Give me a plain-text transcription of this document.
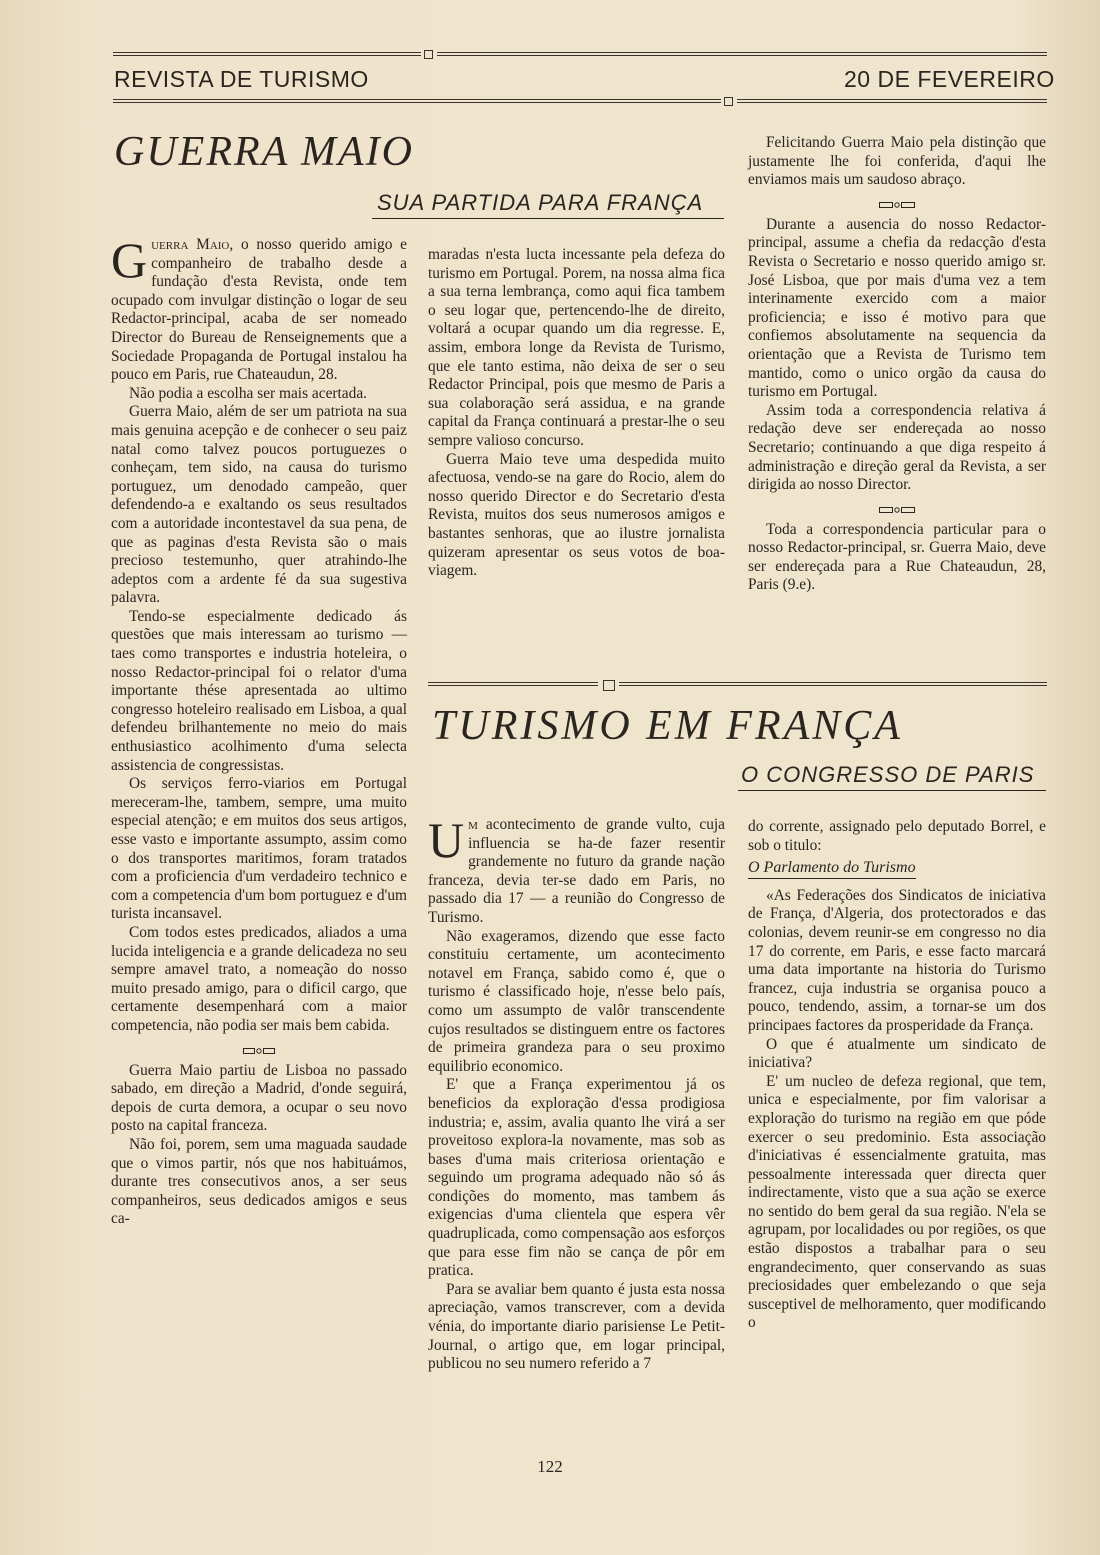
REVISTA DE TURISMO	20 DE FEVEREIRO
GUERRA MAIO
SUA PARTIDA PARA FRANÇA

Guerra Maio, o nosso querido amigo e companheiro de trabalho desde a fundação d'esta Revista, onde tem ocupado com invulgar distinção o logar de seu Redactor-principal, acaba de ser nomeado Director do Bureau de Renseignements que a Sociedade Propaganda de Portugal instalou ha pouco em Paris, rue Chateaudun, 28.

Não podia a escolha ser mais acertada.

Guerra Maio, além de ser um patriota na sua mais genuina acepção e de conhecer o seu paiz natal como talvez poucos portuguezes o conheçam, tem sido, na causa do turismo portuguez, um denodado campeão, quer defendendo-a e exaltando os seus resultados com a autoridade incontestavel da sua pena, de que as paginas d'esta Revista são o mais precioso testemunho, quer atrahindo-lhe adeptos com a ardente fé da sua sugestiva palavra.

Tendo-se especialmente dedicado ás questões que mais interessam ao turismo — taes como transportes e industria hoteleira, o nosso Redactor-principal foi o relator d'uma importante thése apresentada ao ultimo congresso hoteleiro realisado em Lisboa, a qual defendeu brilhantemente no meio do mais enthusiastico acolhimento d'uma selecta assistencia de congressistas.

Os serviços ferro-viarios em Portugal mereceram-lhe, tambem, sempre, uma muito especial atenção; e em muitos dos seus artigos, esse vasto e importante assumpto, assim como o dos transportes maritimos, foram tratados com a proficiencia d'um verdadeiro technico e com a competencia d'um bom portuguez e d'um turista incansavel.

Com todos estes predicados, aliados a uma lucida inteligencia e a grande delicadeza no seu sempre amavel trato, a nomeação do nosso muito presado amigo, para o dificil cargo, que certamente desempenhará com a maior competencia, não podia ser mais bem cabida.

Guerra Maio partiu de Lisboa no passado sabado, em direção a Madrid, d'onde seguirá, depois de curta demora, a ocupar o seu novo posto na capital franceza.

Não foi, porem, sem uma maguada saudade que o vimos partir, nós que nos habituámos, durante tres consecutivos anos, a ser seus companheiros, seus dedicados amigos e seus ca-

maradas n'esta lucta incessante pela defeza do turismo em Portugal. Porem, na nossa alma fica a sua terna lembrança, como aqui fica tambem o seu logar que, pertencendo-lhe de direito, voltará a ocupar quando um dia regresse. E, assim, embora longe da Revista de Turismo, que ele tanto estima, não deixa de ser o seu Redactor Principal, pois que mesmo de Paris a sua colaboração será assidua, e na grande capital da França continuará a prestar-lhe o seu sempre valioso concurso.

Guerra Maio teve uma despedida muito afectuosa, vendo-se na gare do Rocio, alem do nosso querido Director e do Secretario d'esta Revista, muitos dos seus numerosos amigos e bastantes senhoras, que ao ilustre jornalista quizeram apresentar os seus votos de boa-viagem.

Felicitando Guerra Maio pela distinção que justamente lhe foi conferida, d'aqui lhe enviamos mais um saudoso abraço.

Durante a ausencia do nosso Redactor-principal, assume a chefia da redacção d'esta Revista o Secretario e nosso querido amigo sr. José Lisboa, que por mais d'uma vez a tem interinamente exercido com a maior proficiencia; e isso é motivo para que confiemos absolutamente na sequencia da orientação que a Revista de Turismo tem mantido, como o unico orgão da causa do turismo em Portugal.

Assim toda a correspondencia relativa á redação deve ser endereçada ao nosso Secretario; continuando a que diga respeito á administração e direção geral da Revista, a ser dirigida ao nosso Director.

Toda a correspondencia particular para o nosso Redactor-principal, sr. Guerra Maio, deve ser endereçada para a Rue Chateaudun, 28, Paris (9.e).

TURISMO EM FRANÇA
O CONGRESSO DE PARIS

Um acontecimento de grande vulto, cuja influencia se ha-de fazer resentir grandemente no futuro da grande nação franceza, devia ter-se dado em Paris, no passado dia 17 — a reunião do Congresso de Turismo.

Não exageramos, dizendo que esse facto constituiu certamente, um acontecimento notavel em França, sabido como é, que o turismo é classificado hoje, n'esse belo país, como um assumpto de valôr transcendente cujos resultados se distinguem entre os factores de primeira grandeza para o seu proximo equilibrio economico.

E' que a França experimentou já os beneficios da exploração d'essa prodigiosa industria; e, assim, avalia quanto lhe virá a ser proveitoso explora-la novamente, mas sob as bases d'uma mais criteriosa orientação e seguindo um programa adequado não só ás condições do momento, mas tambem ás exigencias d'uma clientela que espera vêr quadruplicada, como compensação aos esforços que para esse fim não se cança de pôr em pratica.

Para se avaliar bem quanto é justa esta nossa apreciação, vamos transcrever, com a devida vénia, do importante diario parisiense Le Petit-Journal, o artigo que, em logar principal, publicou no seu numero referido a 7

do corrente, assignado pelo deputado Borrel, e sob o titulo:

O Parlamento do Turismo

«As Federações dos Sindicatos de iniciativa de França, d'Algeria, dos protectorados e das colonias, devem reunir-se em congresso no dia 17 do corrente, em Paris, e esse facto marcará uma data importante na historia do Turismo francez, cuja industria se organisa pouco a pouco, tendendo, assim, a tornar-se um dos principaes factores da prosperidade da França.

O que é atualmente um sindicato de iniciativa?

E' um nucleo de defeza regional, que tem, unica e especialmente, por fim valorisar a exploração do turismo na região em que póde exercer o seu predominio. Esta associação d'iniciativas é essencialmente gratuita, mas pessoalmente interessada quer directa quer indirectamente, visto que a sua ação se exerce no sentido do bem geral da sua região. N'ela se agrupam, por localidades ou por regiões, os que estão dispostos a trabalhar para o seu engrandecimento, quer conservando as suas preciosidades quer embelezando o que seja susceptivel de melhoramento, quer modificando o

122
